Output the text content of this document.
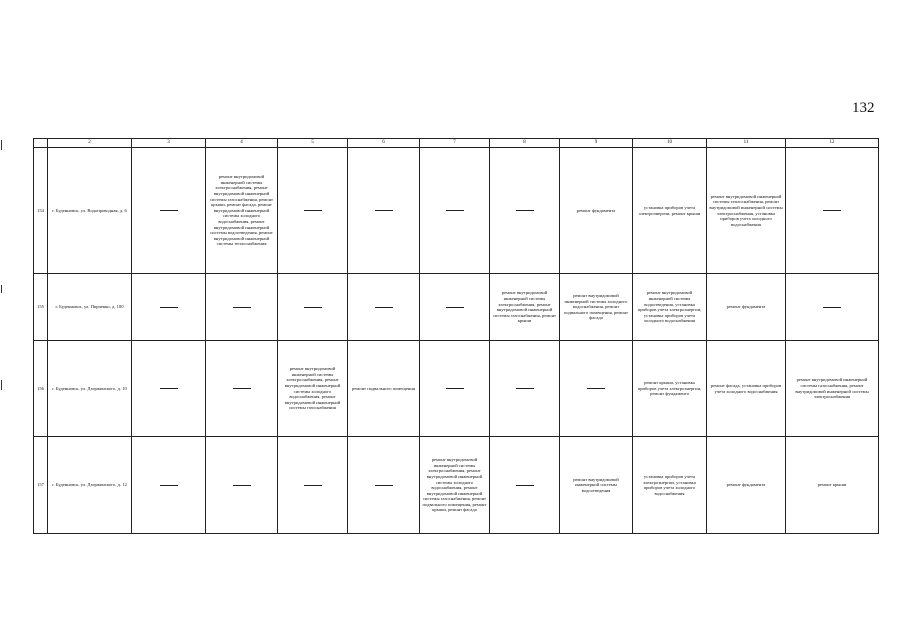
132
	2	3	4	5	6	7	8	9	10	11	12
154	г. Буденновск, ул. Водопроводная, д. 6		ремонт внутридомовой инженерной системы электроснабжения, ремонт внутридомовой инженерной системы газоснабжения, ремонт крыши, ремонт фасада, ремонт внутридомовой инженерной системы холодного водоснабжения, ремонт внутридомовой инженерной системы водоотведения, ремонт внутридомовой инженерной системы теплоснабжения					ремонт фундамента	установка приборов учета электроэнергии, ремонт крыши	ремонт внутридомовой инженерной системы теплоснабжения, ремонт внутридомовой инженерной системы электроснабжения, установка приборов учета холодного водоснабжения	
155	г. Буденновск, ул. Пирченко, д. 100						ремонт внутридомовой инженерной системы электроснабжения, ремонт внутридомовой инженерной системы газоснабжения, ремонт крыши	ремонт внутридомовой инженерной системы холодного водоснабжения, ремонт подвального помещения, ремонт фасада	ремонт внутридомовой инженерной системы водоотведения, установка приборов учета электроэнергии, установка приборов учета холодного водоснабжения	ремонт фундамента	
156	г. Буденновск, ул. Дзержинского, д. 10			ремонт внутридомовой инженерной системы электроснабжения, ремонт внутридомовой инженерной системы холодного водоснабжения, ремонт внутридомовой инженерной системы газоснабжения	ремонт подвального помещения				ремонт крыши, установка приборов учета электроэнергии, ремонт фундамента	ремонт фасада, установка приборов учета холодного водоснабжения	ремонт внутридомовой инженерной системы газоснабжения, ремонт внутридомовой инженерной системы электроснабжения
157	г. Буденновск, ул. Дзержинского, д. 12					ремонт внутридомовой инженерной системы электроснабжения, ремонт внутридомовой инженерной системы холодного водоснабжения, ремонт внутридомовой инженерной системы газоснабжения, ремонт подвального помещения, ремонт крыши, ремонт фасада		ремонт внутридомовой инженерной системы водоотведения	установка приборов учета электроэнергии, установка приборов учета холодного водоснабжения	ремонт фундамента	ремонт крыши
